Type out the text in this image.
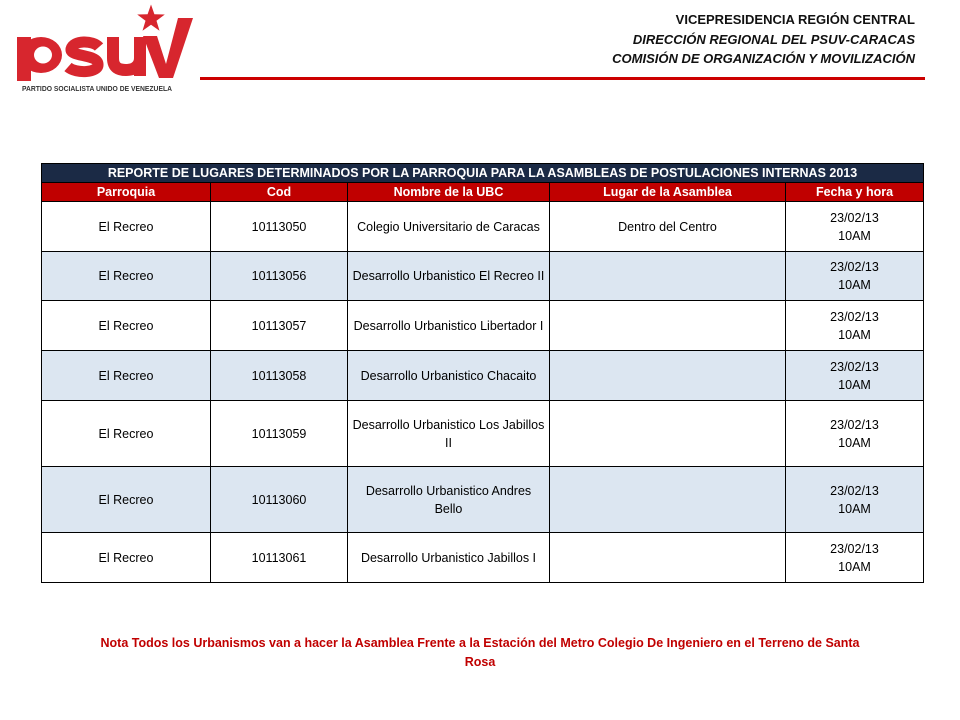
PARTIDO SOCIALISTA UNIDO DE VENEZUELA
VICEPRESIDENCIA REGIÓN CENTRAL
DIRECCIÓN REGIONAL DEL PSUV-CARACAS
COMISIÓN DE ORGANIZACIÓN Y MOVILIZACIÓN
REPORTE DE LUGARES DETERMINADOS POR LA PARROQUIA PARA LA ASAMBLEAS DE POSTULACIONES INTERNAS 2013				
Parroquia	Cod	Nombre de la UBC	Lugar de la Asamblea	Fecha y hora
El Recreo	10113050	Colegio Universitario de Caracas	Dentro del Centro	23/02/13
10AM

El Recreo	10113056	Desarrollo Urbanistico El Recreo II		23/02/13
10AM

El Recreo	10113057	Desarrollo Urbanistico Libertador I		23/02/13
10AM

El Recreo	10113058	Desarrollo Urbanistico Chacaito		23/02/13
10AM

El Recreo	10113059	Desarrollo Urbanistico Los Jabillos II		23/02/13
10AM

El Recreo	10113060	Desarrollo Urbanistico Andres Bello		23/02/13
10AM

El Recreo	10113061	Desarrollo Urbanistico Jabillos I		23/02/13
10AM
Nota Todos los Urbanismos van a hacer la Asamblea Frente a la Estación del Metro Colegio De Ingeniero en el Terreno de Santa Rosa
